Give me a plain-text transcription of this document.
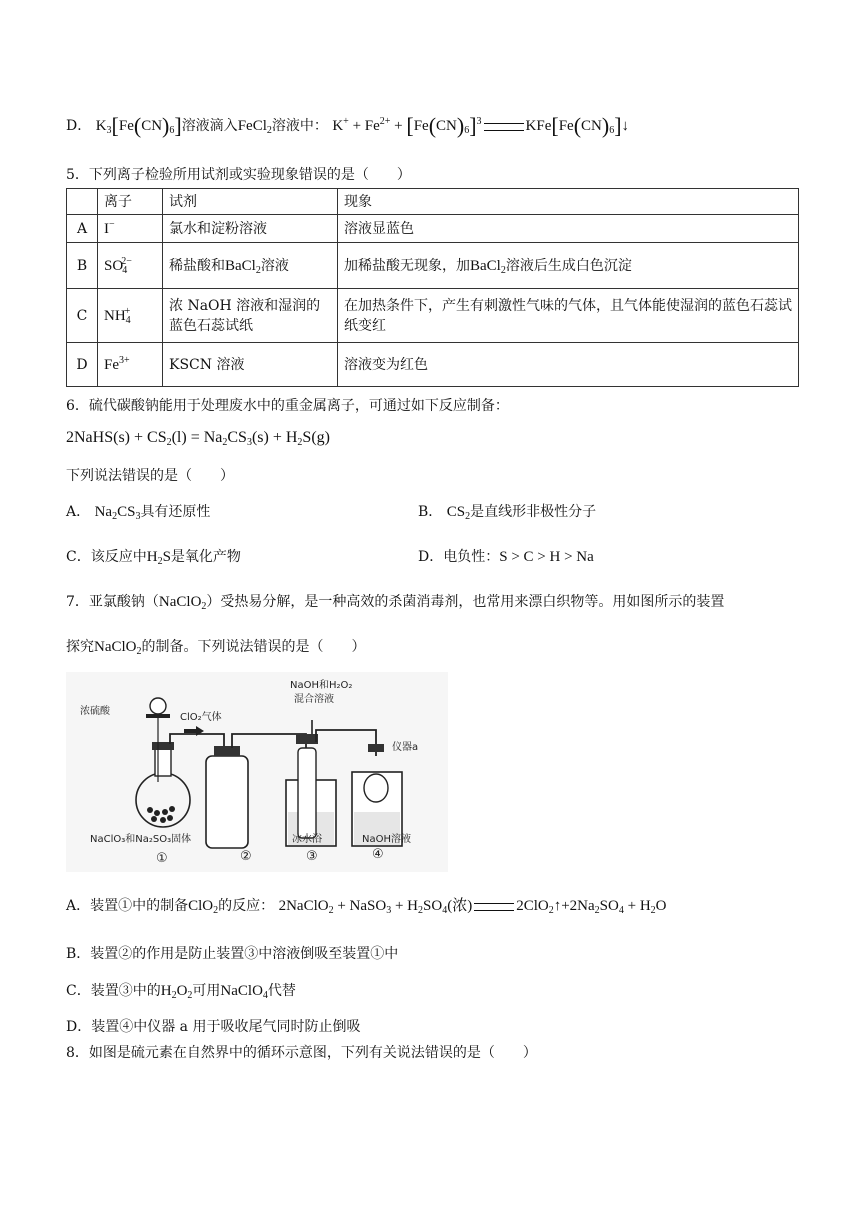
D． $K_3[Fe(CN)_6]$溶液滴入FeCl$_2$溶液中： $K^+ + Fe^{2+} + [Fe(CN)_6]^3$	$KFe[Fe(CN)_6]↓$
5．下列离子检验所用试剂或实验现象错误的是（　　）
	离子	试剂	现象
A	I−	氯水和淀粉溶液	溶液显蓝色
B	$SO_4^{2-}$	稀盐酸和BaCl$_2$溶液	加稀盐酸无现象，加BaCl$_2$溶液后生成白色沉淀
C	$NH_4^+$	浓 NaOH 溶液和湿润的蓝色石蕊试纸	在加热条件下，产生有刺激性气味的气体，且气体能使湿润的蓝色石蕊试纸变红
D	$Fe^{3+}$	KSCN 溶液	溶液变为红色
6．硫代碳酸钠能用于处理废水中的重金属离子，可通过如下反应制备：
2NaHS(s) + $CS_2(l) = Na_2CS_3(s) + H_2S(g)$
下列说法错误的是（　　）
A． $Na_2CS_3$具有还原性	B． $CS_2$是直线形非极性分子
C．该反应中$H_2S$是氧化产物	D．电负性：S > C > H > Na
7．亚氯酸钠（NaClO$_2$）受热易分解，是一种高效的杀菌消毒剂，也常用来漂白织物等。用如图所示的装置
探究NaClO$_2$的制备。下列说法错误的是（　　）
浓硫酸
ClO₂气体
NaOH和H₂O₂
混合溶液
仪器a
NaClO₃和Na₂SO₃固体	冰水浴	NaOH溶液
①	②	③	④
A．装置①中的制备ClO$_2$的反应： 2NaClO$_2$ + NaSO$_3$ + $H_2SO_4$(浓)	$2ClO_2↑+2Na_2SO_4 + H_2O$
B．装置②的作用是防止装置③中溶液倒吸至装置①中
C．装置③中的$H_2O_2$可用NaClO$_4$代替
D．装置④中仪器 a 用于吸收尾气同时防止倒吸
8．如图是硫元素在自然界中的循环示意图，下列有关说法错误的是（　　）
